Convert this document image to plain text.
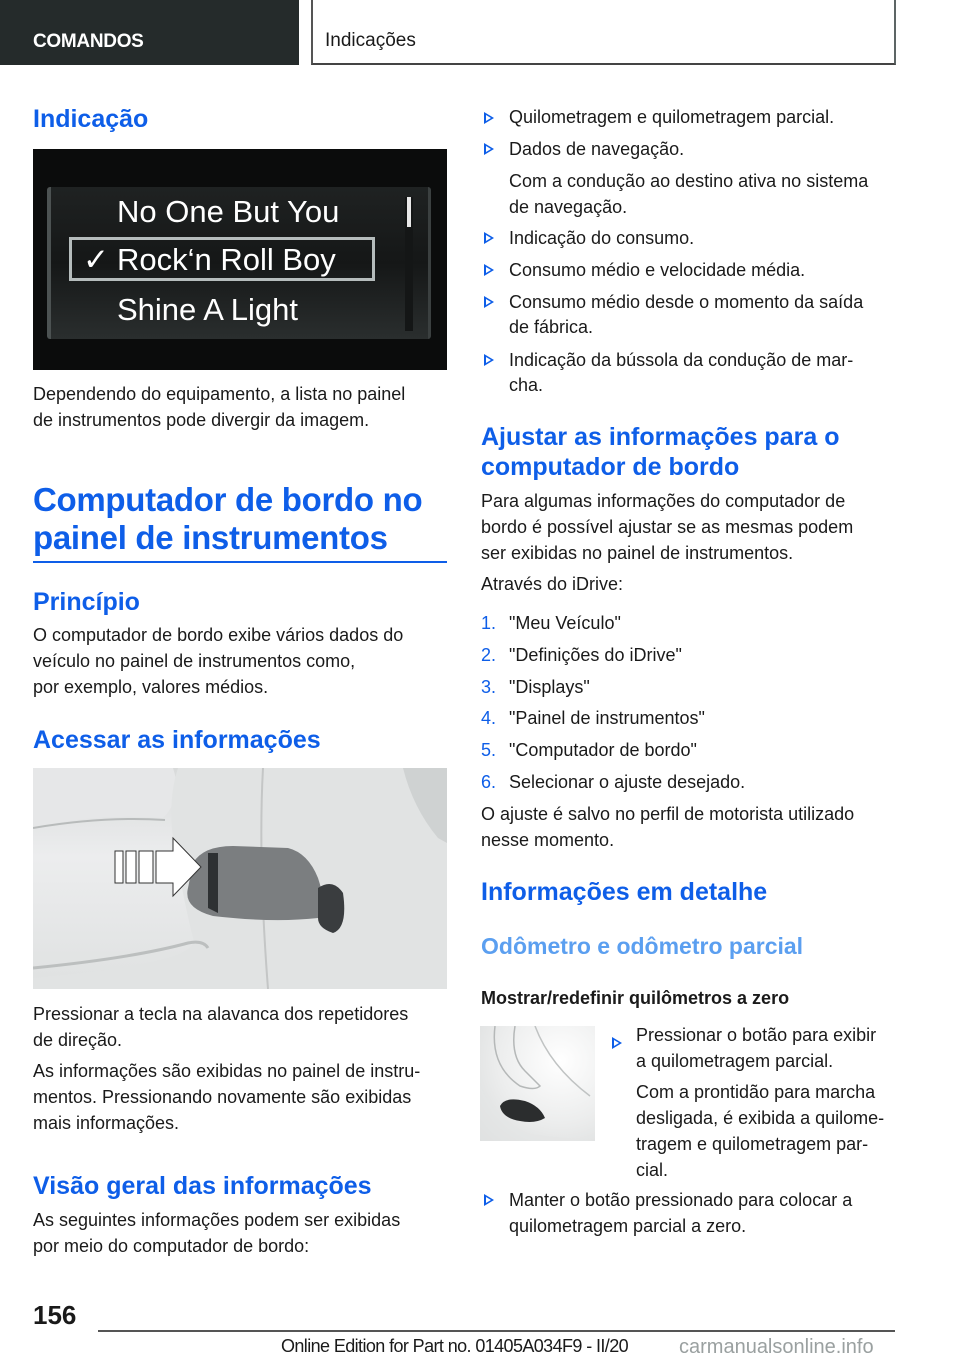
COMANDOS	Indicações
Indicação
No One But You
✓ Rock‘n Roll Boy
Shine A Light
Dependendo do equipamento, a lista no painel
de instrumentos pode divergir da imagem.
Computador de bordo no
painel de instrumentos
Princípio
O computador de bordo exibe vários dados do
veículo no painel de instrumentos como,
por exemplo, valores médios.
Acessar as informações
Pressionar a tecla na alavanca dos repetidores
de direção.
As informações são exibidas no painel de instru-
mentos. Pressionando novamente são exibidas
mais informações.
Visão geral das informações
As seguintes informações podem ser exibidas
por meio do computador de bordo:
Quilometragem e quilometragem parcial.
Dados de navegação.
Com a condução ao destino ativa no sistema
de navegação.
Indicação do consumo.
Consumo médio e velocidade média.
Consumo médio desde o momento da saída
de fábrica.
Indicação da bússola da condução de mar-
cha.
Ajustar as informações para o
computador de bordo
Para algumas informações do computador de
bordo é possível ajustar se as mesmas podem
ser exibidas no painel de instrumentos.
Através do iDrive:
1. "Meu Veículo"
2. "Definições do iDrive"
3. "Displays"
4. "Painel de instrumentos"
5. "Computador de bordo"
6. Selecionar o ajuste desejado.
O ajuste é salvo no perfil de motorista utilizado
nesse momento.
Informações em detalhe
Odômetro e odômetro parcial
Mostrar/redefinir quilômetros a zero
Pressionar o botão para exibir
a quilometragem parcial.
Com a prontidão para marcha
desligada, é exibida a quilome-
tragem e quilometragem par-
cial.
Manter o botão pressionado para colocar a
quilometragem parcial a zero.
156
Online Edition for Part no. 01405A034F9 - II/20	carmanualsonline.info
